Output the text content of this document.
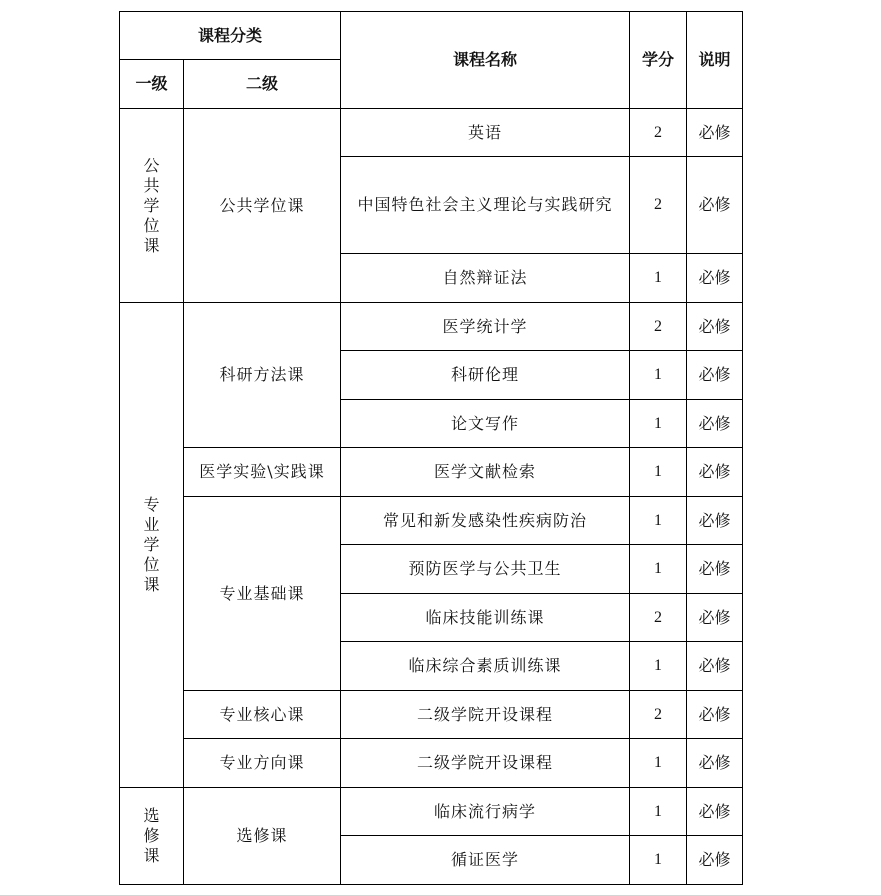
课程分类		课程名称	学分	说明
一级	二级			

公
共
学
位
课	公共学位课	英语	2	必修

		中国特色社会主义理论与实践研究	2	必修
		自然辩证法	1	必修

专
业
学
位
课	科研方法课	医学统计学	2	必修
		科研伦理	1	必修
		论文写作	1	必修
	医学实验\实践课	医学文献检索	1	必修
	专业基础课	常见和新发感染性疾病防治	1	必修
		预防医学与公共卫生	1	必修
		临床技能训练课	2	必修
		临床综合素质训练课	1	必修
	专业核心课	二级学院开设课程	2	必修
	专业方向课	二级学院开设课程	1	必修

选
修
课	选修课	临床流行病学	1	必修
		循证医学	1	必修
